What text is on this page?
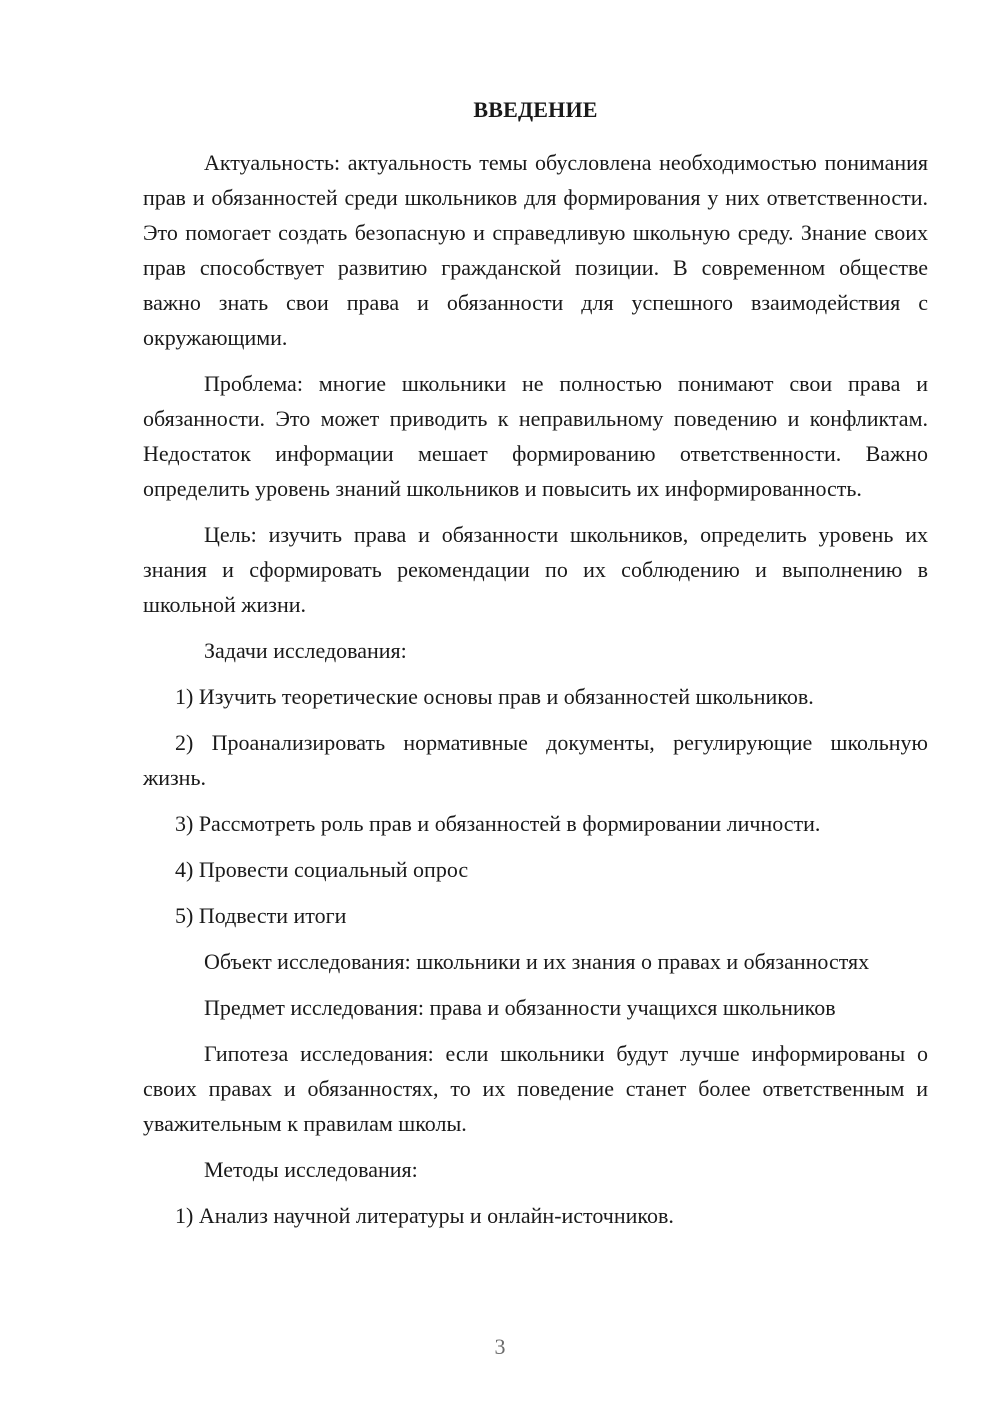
ВВЕДЕНИЕ

Актуальность: актуальность темы обусловлена необходимостью понимания прав и обязанностей среди школьников для формирования у них ответственности. Это помогает создать безопасную и справедливую школьную среду. Знание своих прав способствует развитию гражданской позиции. В современном обществе важно знать свои права и обязанности для успешного взаимодействия с окружающими.

Проблема: многие школьники не полностью понимают свои права и обязанности. Это может приводить к неправильному поведению и конфликтам. Недостаток информации мешает формированию ответственности. Важно определить уровень знаний школьников и повысить их информированность.

Цель: изучить права и обязанности школьников, определить уровень их знания и сформировать рекомендации по их соблюдению и выполнению в школьной жизни.

Задачи исследования:

1) Изучить теоретические основы прав и обязанностей школьников.

2) Проанализировать нормативные документы, регулирующие школьную жизнь.

3) Рассмотреть роль прав и обязанностей в формировании личности.

4) Провести социальный опрос

5) Подвести итоги

Объект исследования: школьники и их знания о правах и обязанностях

Предмет исследования: права и обязанности учащихся школьников

Гипотеза исследования: если школьники будут лучше информированы о своих правах и обязанностях, то их поведение станет более ответственным и уважительным к правилам школы.

Методы исследования:

1) Анализ научной литературы и онлайн-источников.

3
